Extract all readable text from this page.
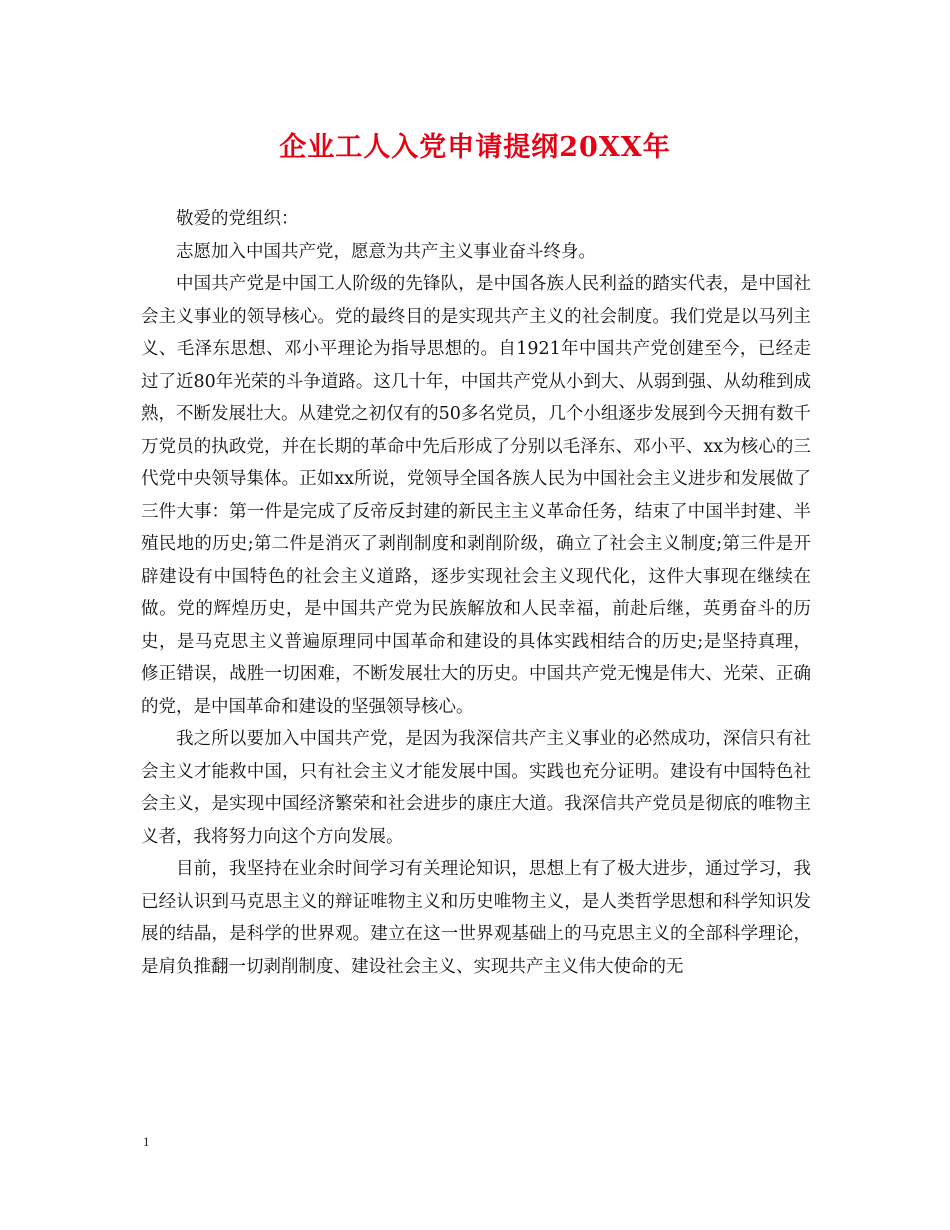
企业工人入党申请提纲20XX年

敬爱的党组织：

志愿加入中国共产党，愿意为共产主义事业奋斗终身。

中国共产党是中国工人阶级的先锋队，是中国各族人民利益的踏实代表，是中国社会主义事业的领导核心。党的最终目的是实现共产主义的社会制度。我们党是以马列主义、毛泽东思想、邓小平理论为指导思想的。自1921年中国共产党创建至今，已经走过了近80年光荣的斗争道路。这几十年，中国共产党从小到大、从弱到强、从幼稚到成熟，不断发展壮大。从建党之初仅有的50多名党员，几个小组逐步发展到今天拥有数千万党员的执政党，并在长期的革命中先后形成了分别以毛泽东、邓小平、xx为核心的三代党中央领导集体。正如xx所说，党领导全国各族人民为中国社会主义进步和发展做了三件大事：第一件是完成了反帝反封建的新民主主义革命任务，结束了中国半封建、半殖民地的历史;第二件是消灭了剥削制度和剥削阶级，确立了社会主义制度;第三件是开辟建设有中国特色的社会主义道路，逐步实现社会主义现代化，这件大事现在继续在做。党的辉煌历史，是中国共产党为民族解放和人民幸福，前赴后继，英勇奋斗的历史，是马克思主义普遍原理同中国革命和建设的具体实践相结合的历史;是坚持真理，修正错误，战胜一切困难，不断发展壮大的历史。中国共产党无愧是伟大、光荣、正确的党，是中国革命和建设的坚强领导核心。

我之所以要加入中国共产党，是因为我深信共产主义事业的必然成功，深信只有社会主义才能救中国，只有社会主义才能发展中国。实践也充分证明。建设有中国特色社会主义，是实现中国经济繁荣和社会进步的康庄大道。我深信共产党员是彻底的唯物主义者，我将努力向这个方向发展。

目前，我坚持在业余时间学习有关理论知识，思想上有了极大进步，通过学习，我已经认识到马克思主义的辩证唯物主义和历史唯物主义，是人类哲学思想和科学知识发展的结晶，是科学的世界观。建立在这一世界观基础上的马克思主义的全部科学理论，是肩负推翻一切剥削制度、建设社会主义、实现共产主义伟大使命的无

1
